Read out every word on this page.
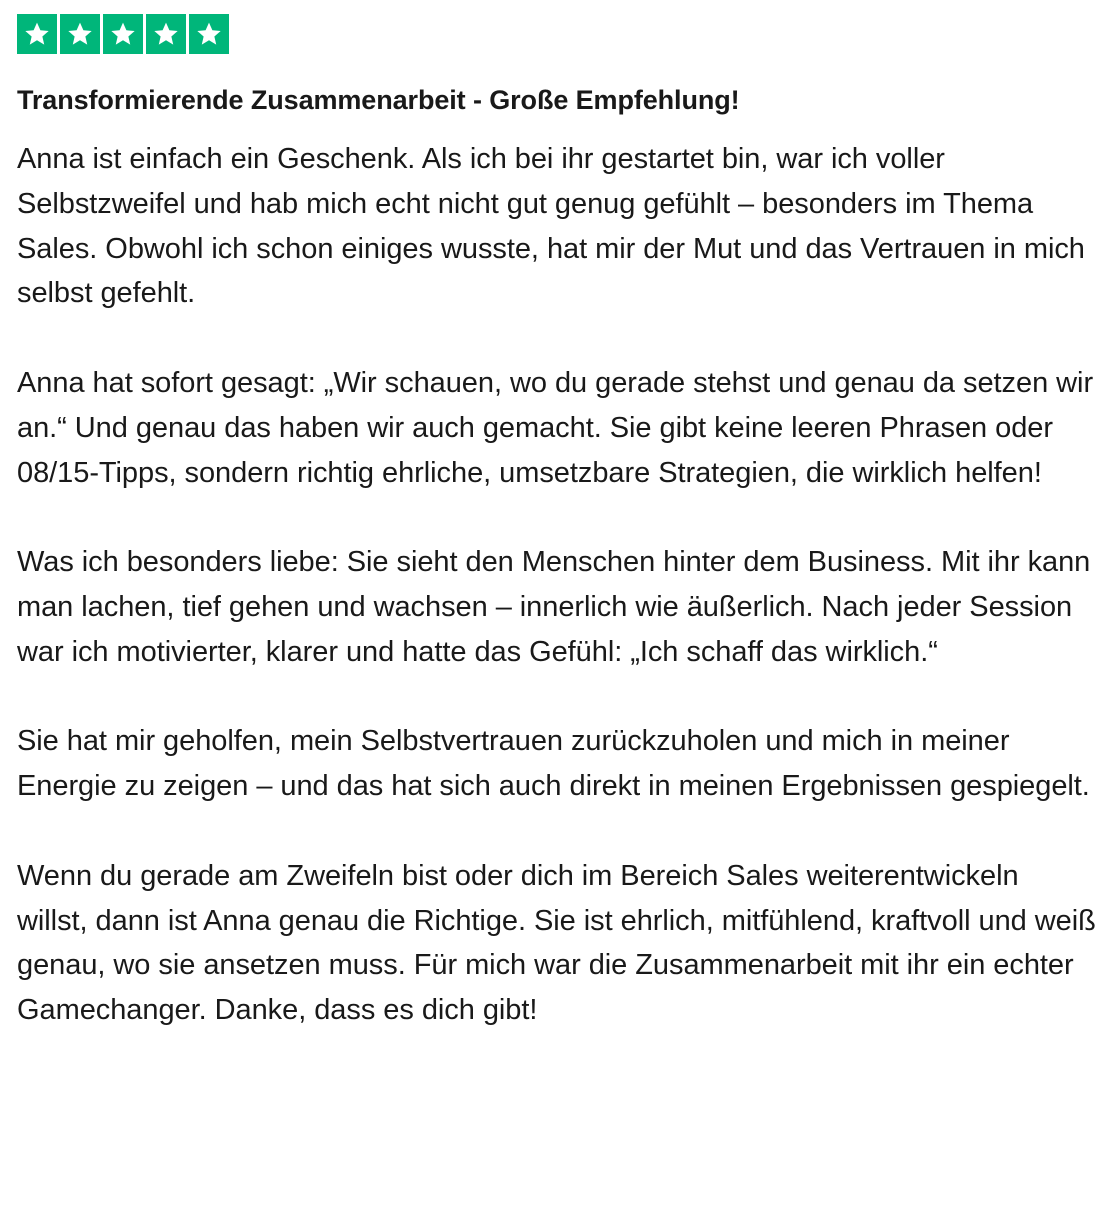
Transformierende Zusammenarbeit - Große Empfehlung!

Anna ist einfach ein Geschenk. Als ich bei ihr gestartet bin, war ich voller Selbstzweifel und hab mich echt nicht gut genug gefühlt – besonders im Thema Sales. Obwohl ich schon einiges wusste, hat mir der Mut und das Vertrauen in mich selbst gefehlt.

Anna hat sofort gesagt: „Wir schauen, wo du gerade stehst und genau da setzen wir an.“ Und genau das haben wir auch gemacht. Sie gibt keine leeren Phrasen oder 08/15-Tipps, sondern richtig ehrliche, umsetzbare Strategien, die wirklich helfen!

Was ich besonders liebe: Sie sieht den Menschen hinter dem Business. Mit ihr kann man lachen, tief gehen und wachsen – innerlich wie äußerlich. Nach jeder Session war ich motivierter, klarer und hatte das Gefühl: „Ich schaff das wirklich.“

Sie hat mir geholfen, mein Selbstvertrauen zurückzuholen und mich in meiner Energie zu zeigen – und das hat sich auch direkt in meinen Ergebnissen gespiegelt.

Wenn du gerade am Zweifeln bist oder dich im Bereich Sales weiterentwickeln willst, dann ist Anna genau die Richtige. Sie ist ehrlich, mitfühlend, kraftvoll und weiß genau, wo sie ansetzen muss. Für mich war die Zusammenarbeit mit ihr ein echter Gamechanger. Danke, dass es dich gibt!
